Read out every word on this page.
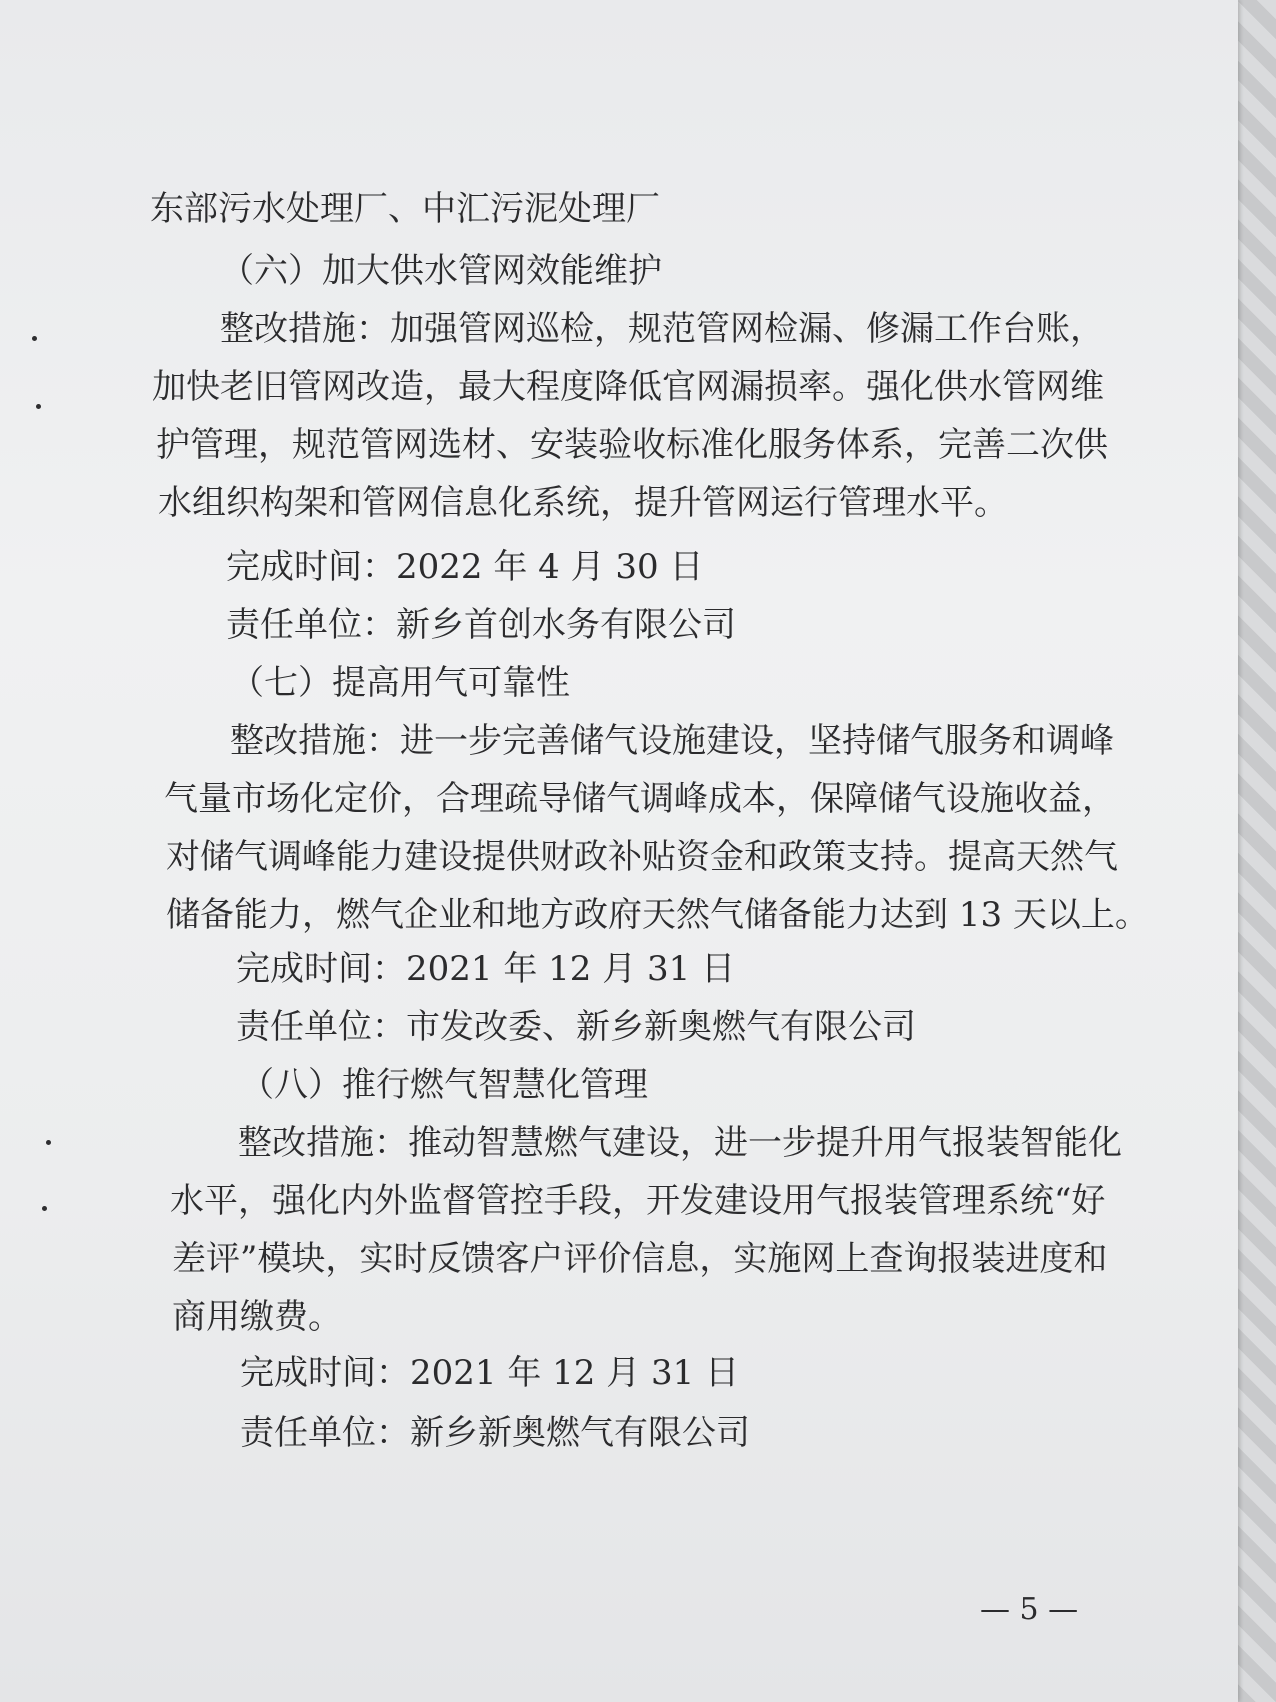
东部污水处理厂、中汇污泥处理厂

（六）加大供水管网效能维护

整改措施：加强管网巡检，规范管网检漏、修漏工作台账，

加快老旧管网改造，最大程度降低官网漏损率。强化供水管网维

护管理，规范管网选材、安装验收标准化服务体系，完善二次供

水组织构架和管网信息化系统，提升管网运行管理水平。

完成时间：2022 年 4 月 30 日

责任单位：新乡首创水务有限公司

（七）提高用气可靠性

整改措施：进一步完善储气设施建设，坚持储气服务和调峰

气量市场化定价，合理疏导储气调峰成本，保障储气设施收益，

对储气调峰能力建设提供财政补贴资金和政策支持。提高天然气

储备能力，燃气企业和地方政府天然气储备能力达到 13 天以上。

完成时间：2021 年 12 月 31 日

责任单位：市发改委、新乡新奥燃气有限公司

（八）推行燃气智慧化管理

整改措施：推动智慧燃气建设，进一步提升用气报装智能化

水平，强化内外监督管控手段，开发建设用气报装管理系统“好

差评”模块，实时反馈客户评价信息，实施网上查询报装进度和

商用缴费。

完成时间：2021 年 12 月 31 日

责任单位：新乡新奥燃气有限公司

— 5 —
